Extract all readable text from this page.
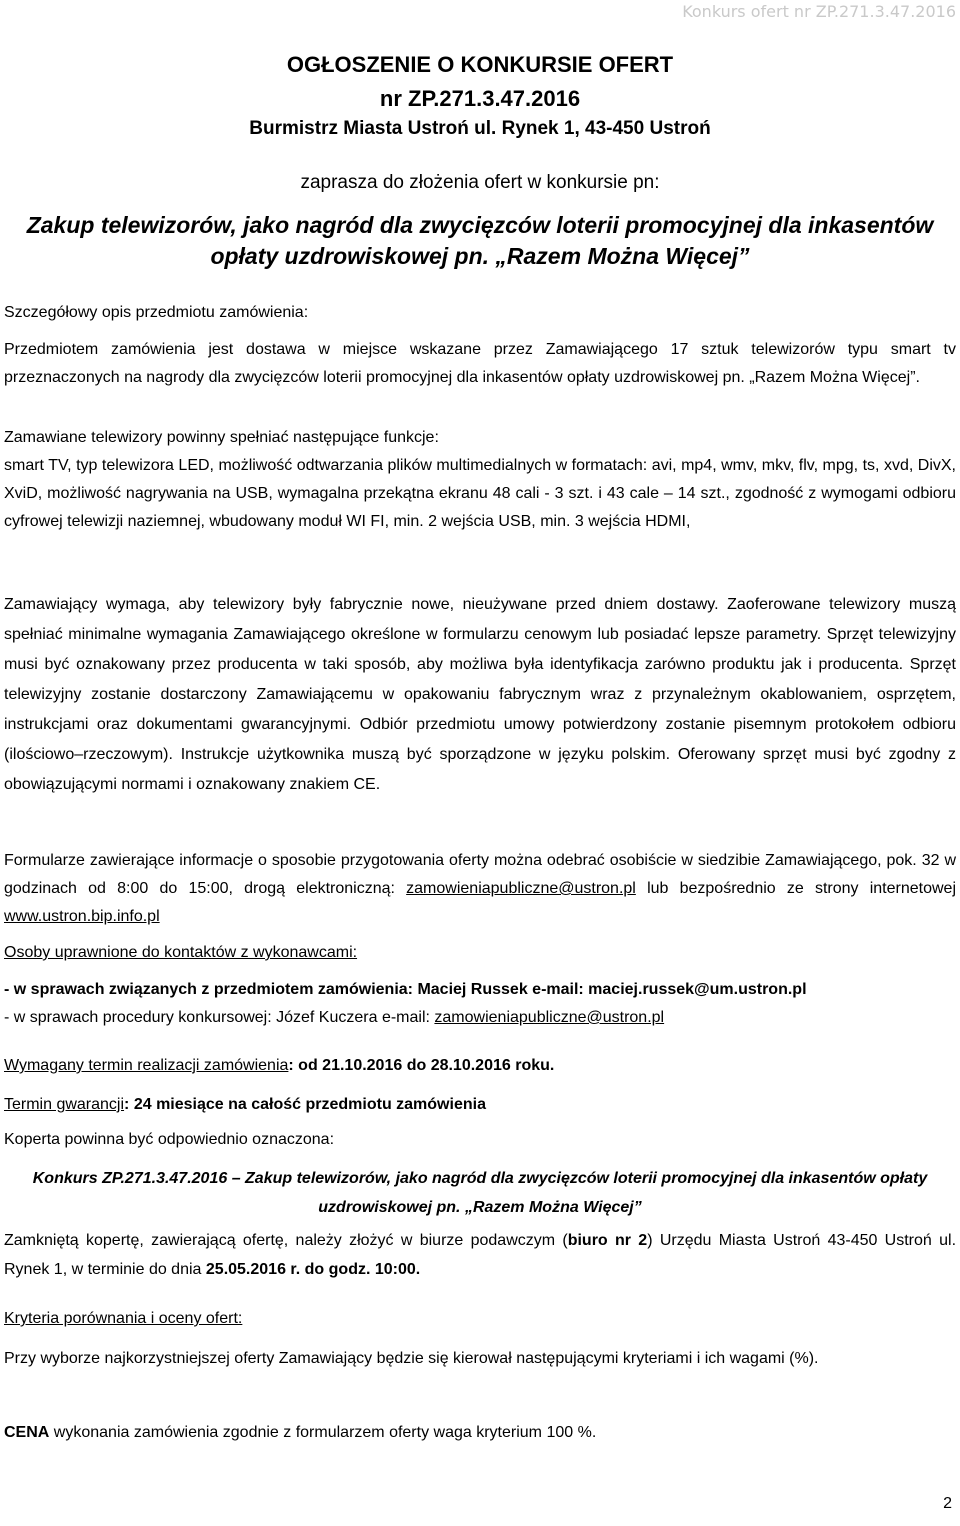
Konkurs ofert nr ZP.271.3.47.2016
OGŁOSZENIE O KONKURSIE OFERT
nr ZP.271.3.47.2016
Burmistrz Miasta Ustroń ul. Rynek 1, 43-450 Ustroń
zaprasza do złożenia ofert w konkursie pn:
Zakup telewizorów, jako nagród dla zwycięzców loterii promocyjnej dla inkasentów opłaty uzdrowiskowej pn. „Razem Można Więcej”

Szczegółowy opis przedmiotu zamówienia:

Przedmiotem zamówienia jest dostawa w miejsce wskazane przez Zamawiającego 17 sztuk telewizorów typu smart tv przeznaczonych na nagrody dla zwycięzców loterii promocyjnej dla inkasentów opłaty uzdrowiskowej pn. „Razem Można Więcej”.

Zamawiane telewizory powinny spełniać następujące funkcje:

smart TV, typ telewizora LED, możliwość odtwarzania plików multimedialnych w formatach: avi, mp4, wmv, mkv, flv, mpg, ts, xvd, DivX, XviD, możliwość nagrywania na USB, wymagalna przekątna ekranu 48 cali - 3 szt. i 43 cale – 14 szt., zgodność z wymogami odbioru cyfrowej telewizji naziemnej, wbudowany moduł WI FI, min. 2 wejścia USB, min. 3 wejścia HDMI,

Zamawiający wymaga, aby telewizory były fabrycznie nowe, nieużywane przed dniem dostawy. Zaoferowane telewizory muszą spełniać minimalne wymagania Zamawiającego określone w formularzu cenowym lub posiadać lepsze parametry. Sprzęt telewizyjny musi być oznakowany przez producenta w taki sposób, aby możliwa była identyfikacja zarówno produktu jak i producenta. Sprzęt telewizyjny zostanie dostarczony Zamawiającemu w opakowaniu fabrycznym wraz z przynależnym okablowaniem, osprzętem, instrukcjami oraz dokumentami gwarancyjnymi. Odbiór przedmiotu umowy potwierdzony zostanie pisemnym protokołem odbioru (ilościowo–rzeczowym). Instrukcje użytkownika muszą być sporządzone w języku polskim. Oferowany sprzęt musi być zgodny z obowiązującymi normami i oznakowany znakiem CE.

Formularze zawierające informacje o sposobie przygotowania oferty można odebrać osobiście w siedzibie Zamawiającego, pok. 32 w godzinach od 8:00 do 15:00, drogą elektroniczną: zamowieniapubliczne@ustron.pl lub bezpośrednio ze strony internetowej www.ustron.bip.info.pl

Osoby uprawnione do kontaktów z wykonawcami:

- w sprawach związanych z przedmiotem zamówienia: Maciej Russek e-mail: maciej.russek@um.ustron.pl
- w sprawach procedury konkursowej: Józef Kuczera e-mail: zamowieniapubliczne@ustron.pl

Wymagany termin realizacji zamówienia: od 21.10.2016 do 28.10.2016 roku.

Termin gwarancji: 24 miesiące na całość przedmiotu zamówienia

Koperta powinna być odpowiednio oznaczona:

Konkurs ZP.271.3.47.2016 – Zakup telewizorów, jako nagród dla zwycięzców loterii promocyjnej dla inkasentów opłaty uzdrowiskowej pn. „Razem Można Więcej”

Zamkniętą kopertę, zawierającą ofertę, należy złożyć w biurze podawczym (biuro nr 2) Urzędu Miasta Ustroń 43-450 Ustroń ul. Rynek 1, w terminie do dnia 25.05.2016 r. do godz. 10:00.

Kryteria porównania i oceny ofert:

Przy wyborze najkorzystniejszej oferty Zamawiający będzie się kierował następującymi kryteriami i ich wagami (%).

CENA wykonania zamówienia zgodnie z formularzem oferty waga kryterium 100 %.

2
